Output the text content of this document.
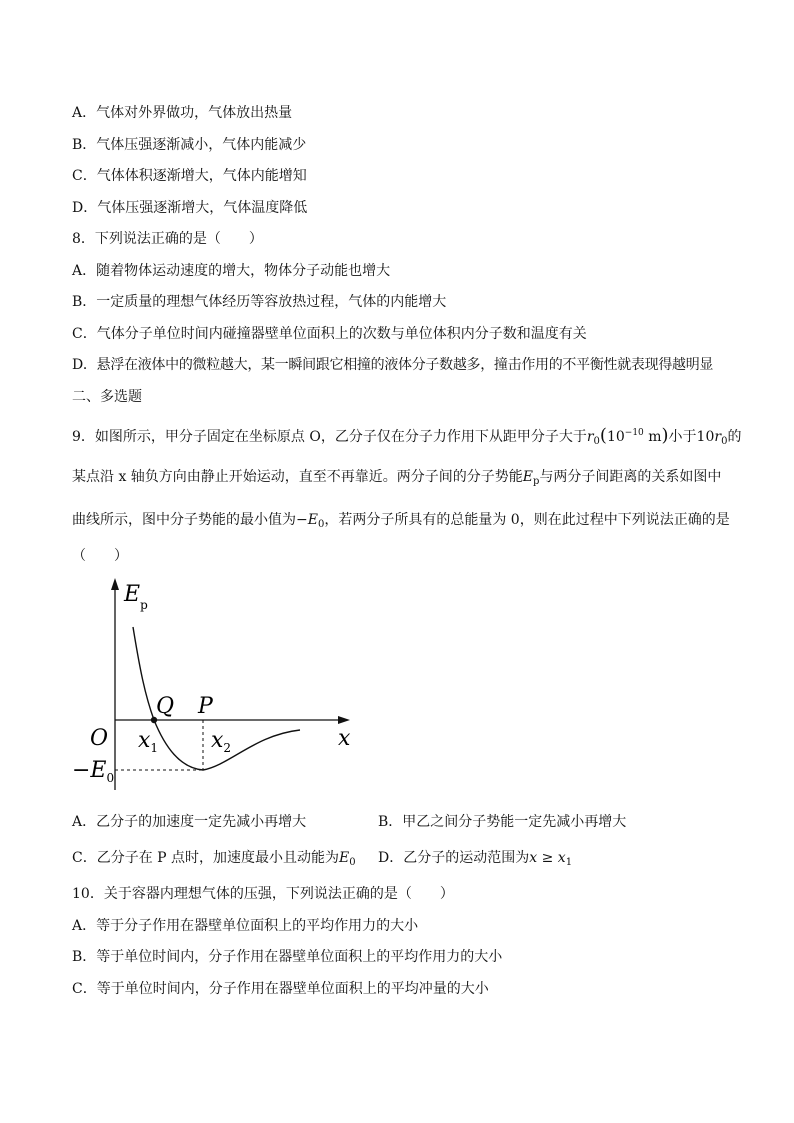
A．气体对外界做功，气体放出热量
B．气体压强逐渐减小，气体内能减少
C．气体体积逐渐增大，气体内能增知
D．气体压强逐渐增大，气体温度降低
8．下列说法正确的是（　　）
A．随着物体运动速度的增大，物体分子动能也增大
B．一定质量的理想气体经历等容放热过程，气体的内能增大
C．气体分子单位时间内碰撞器壁单位面积上的次数与单位体积内分子数和温度有关
D．悬浮在液体中的微粒越大，某一瞬间跟它相撞的液体分子数越多，撞击作用的不平衡性就表现得越明显
二、多选题
9．如图所示，甲分子固定在坐标原点 O，乙分子仅在分子力作用下从距甲分子大于$r_0(10^{-10}$ m)小于$10r_0$的
某点沿 x 轴负方向由静止开始运动，直至不再靠近。两分子间的分子势能$E_p$与两分子间距离的关系如图中
曲线所示，图中分子势能的最小值为$-E_0$，若两分子所具有的总能量为 0，则在此过程中下列说法正确的是
（　　）
$E_p$
x
O
Q P
$x_1$ $x_2$
$-E_0$
A．乙分子的加速度一定先减小再增大	B．甲乙之间分子势能一定先减小再增大
C．乙分子在 P 点时，加速度最小且动能为$E_0$ D．乙分子的运动范围为$x \ge x_1$
10．关于容器内理想气体的压强，下列说法正确的是（　　）
A．等于分子作用在器壁单位面积上的平均作用力的大小
B．等于单位时间内，分子作用在器壁单位面积上的平均作用力的大小
C．等于单位时间内，分子作用在器壁单位面积上的平均冲量的大小
